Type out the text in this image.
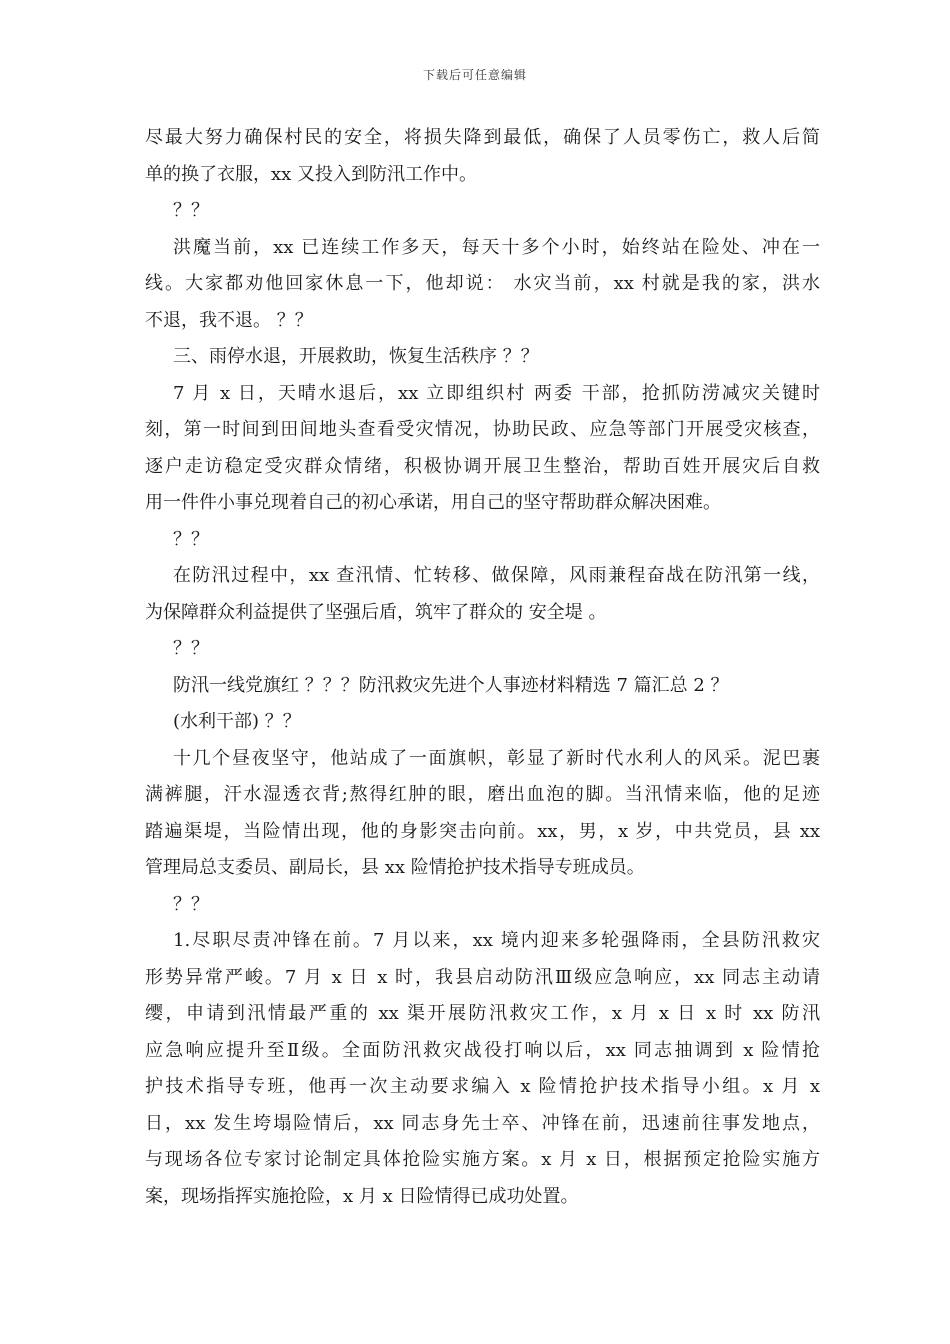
下载后可任意编辑
尽最大努力确保村民的安全，将损失降到最低，确保了人员零伤亡，救人后简
单的换了衣服，xx 又投入到防汛工作中。
？？
洪魔当前，xx 已连续工作多天，每天十多个小时，始终站在险处、冲在一
线。大家都劝他回家休息一下，他却说： 水灾当前，xx 村就是我的家，洪水
不退，我不退。 ？？
三、雨停水退，开展救助，恢复生活秩序 ？？
7 月 x 日，天晴水退后，xx 立即组织村 两委 干部，抢抓防涝减灾关键时
刻，第一时间到田间地头查看受灾情况，协助民政、应急等部门开展受灾核查，
逐户走访稳定受灾群众情绪，积极协调开展卫生整治，帮助百姓开展灾后自救
用一件件小事兑现着自己的初心承诺，用自己的坚守帮助群众解决困难。
？？
在防汛过程中，xx 查汛情、忙转移、做保障，风雨兼程奋战在防汛第一线，
为保障群众利益提供了坚强后盾，筑牢了群众的 安全堤 。
？？
防汛一线党旗红 ？？？防汛救灾先进个人事迹材料精选 7 篇汇总 2 ？
(水利干部) ？？
十几个昼夜坚守，他站成了一面旗帜，彰显了新时代水利人的风采。泥巴裹
满裤腿，汗水湿透衣背;熬得红肿的眼，磨出血泡的脚。当汛情来临，他的足迹
踏遍渠堤，当险情出现，他的身影突击向前。xx，男，x 岁，中共党员，县 xx
管理局总支委员、副局长，县 xx 险情抢护技术指导专班成员。
？？
1.尽职尽责冲锋在前。7 月以来，xx 境内迎来多轮强降雨，全县防汛救灾
形势异常严峻。7 月 x 日 x 时，我县启动防汛Ⅲ级应急响应，xx 同志主动请
缨，申请到汛情最严重的 xx 渠开展防汛救灾工作，x 月 x 日 x 时 xx 防汛
应急响应提升至Ⅱ级。全面防汛救灾战役打响以后，xx 同志抽调到 x 险情抢
护技术指导专班，他再一次主动要求编入 x 险情抢护技术指导小组。x 月 x
日，xx 发生垮塌险情后，xx 同志身先士卒、冲锋在前，迅速前往事发地点，
与现场各位专家讨论制定具体抢险实施方案。x 月 x 日，根据预定抢险实施方
案，现场指挥实施抢险，x 月 x 日险情得已成功处置。
